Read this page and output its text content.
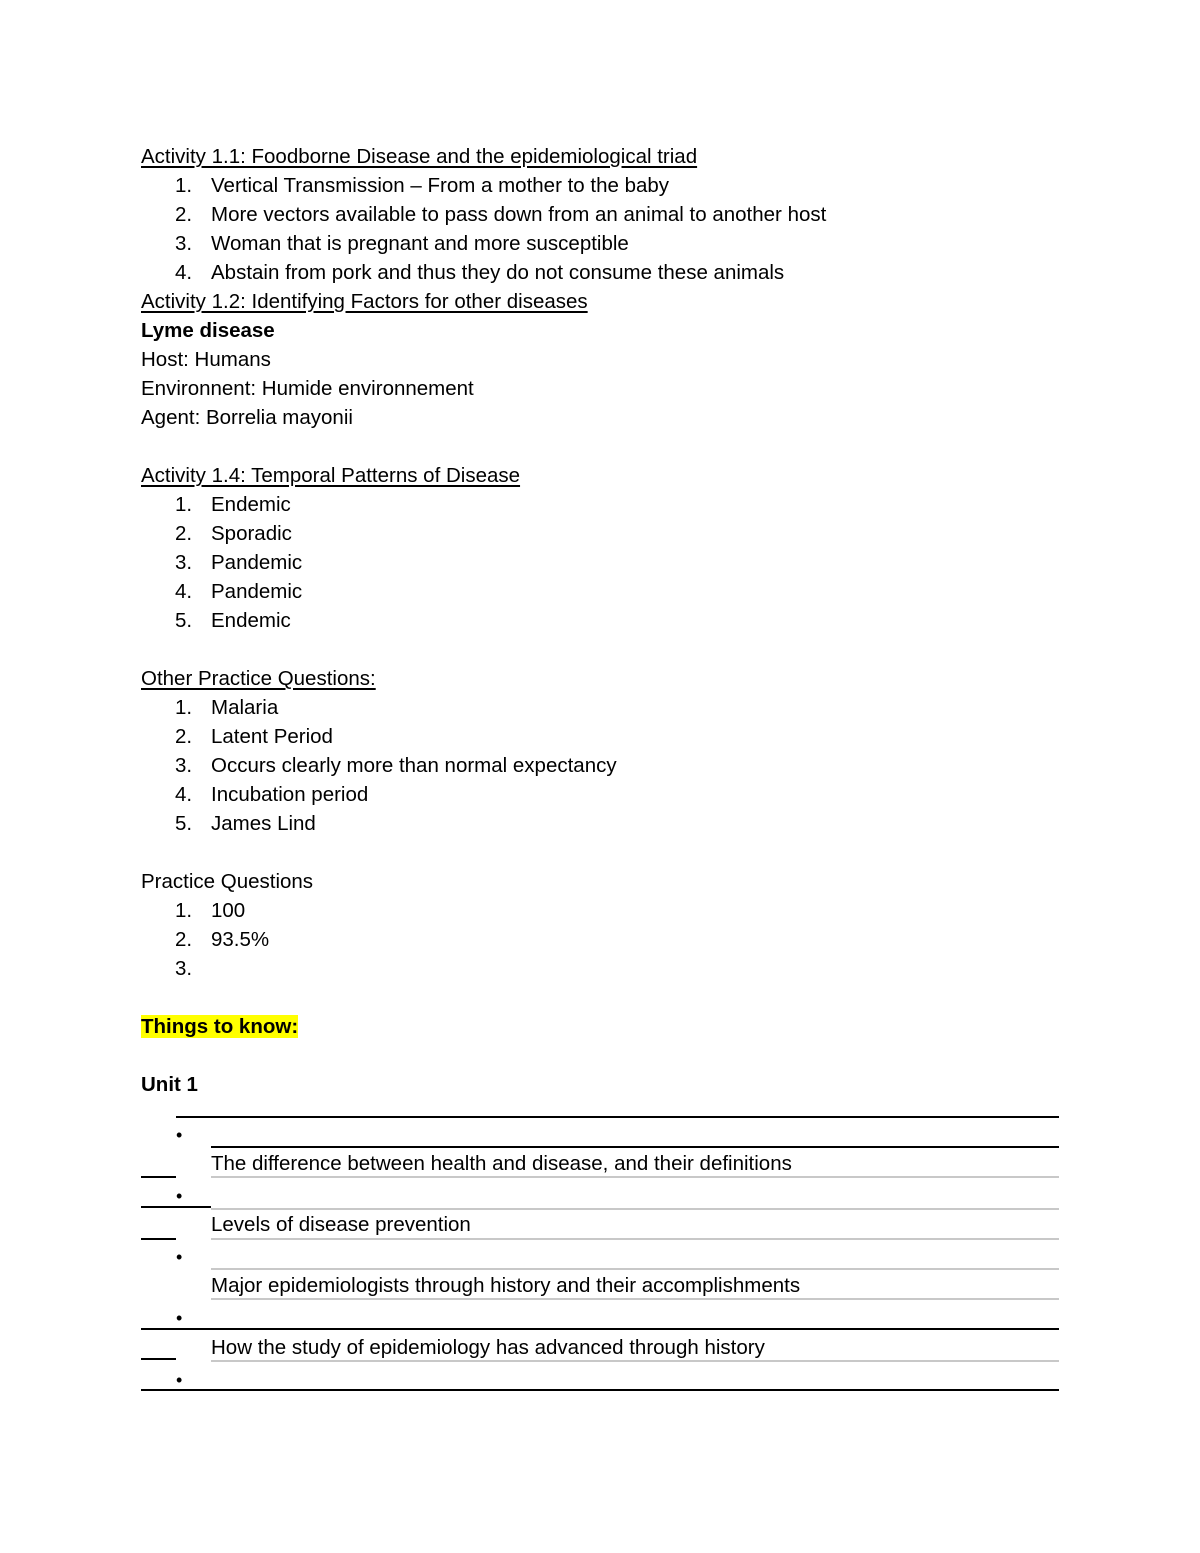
Activity 1.1: Foodborne Disease and the epidemiological triad
1. Vertical Transmission – From a mother to the baby
2. More vectors available to pass down from an animal to another host
3. Woman that is pregnant and more susceptible
4. Abstain from pork and thus they do not consume these animals
Activity 1.2: Identifying Factors for other diseases
Lyme disease
Host: Humans
Environnent: Humide environnement
Agent: Borrelia mayonii
Activity 1.4: Temporal Patterns of Disease
1. Endemic
2. Sporadic
3. Pandemic
4. Pandemic
5. Endemic
Other Practice Questions:
1. Malaria
2. Latent Period
3. Occurs clearly more than normal expectancy
4. Incubation period
5. James Lind
Practice Questions
1. 100
2. 93.5%
3.
Things to know:
Unit 1
•
•
•
•
•
The difference between health and disease, and their definitions
Levels of disease prevention
Major epidemiologists through history and their accomplishments
How the study of epidemiology has advanced through history
